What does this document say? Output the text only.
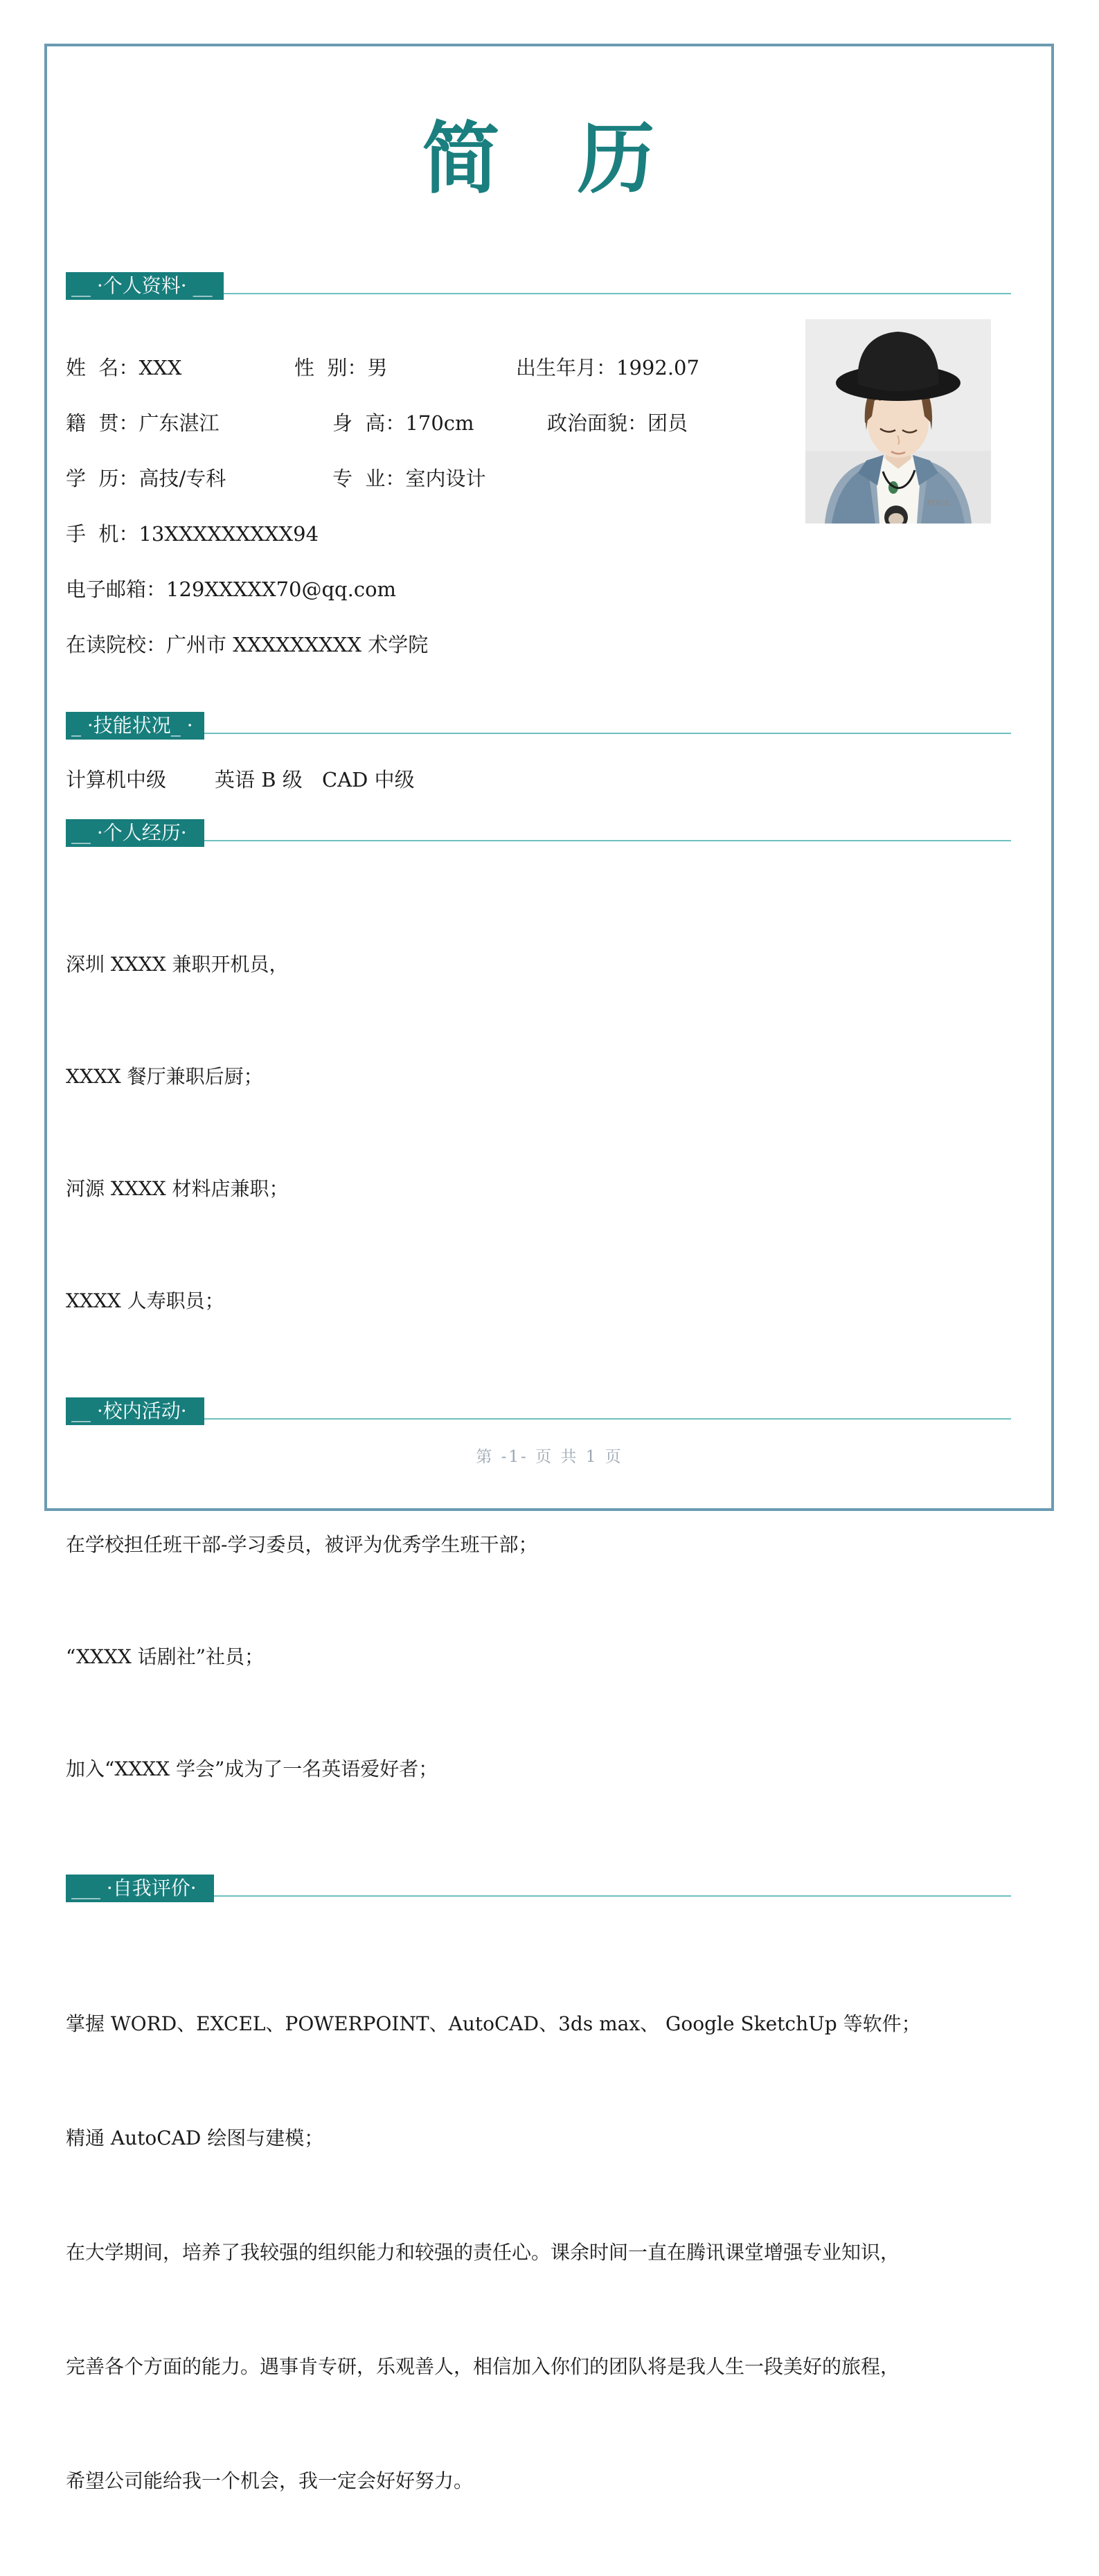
简　历
__ ·个人资料· __
姓  名：XXX	性  别：男	出生年月：1992.07
籍  贯：广东湛江	身  高：170cm	政治面貌：团员
学  历：高技/专科	专  业：室内设计
手  机：13XXXXXXXXX94
电子邮箱：129XXXXX70@qq.com
在读院校：广州市 XXXXXXXXX 术学院
_ ·技能状况_ ·
计算机中级	英语 B 级 CAD 中级
__ ·个人经历·

深圳 XXXX 兼职开机员，

XXXX 餐厅兼职后厨；

河源 XXXX 材料店兼职；

XXXX 人寿职员；

__ ·校内活动·

在学校担任班干部-学习委员，被评为优秀学生班干部；

“XXXX 话剧社”社员；

加入“XXXX 学会”成为了一名英语爱好者；

___ ·自我评价·

掌握 WORD、EXCEL、POWERPOINT、AutoCAD、3ds max、 Google SketchUp 等软件；

精通 AutoCAD 绘图与建模；

在大学期间，培养了我较强的组织能力和较强的责任心。课余时间一直在腾讯课堂增强专业知识，

完善各个方面的能力。遇事肯专研，乐观善人，相信加入你们的团队将是我人生一段美好的旅程，

希望公司能给我一个机会，我一定会好好努力。

PEACE
第 -1- 页 共 1 页
